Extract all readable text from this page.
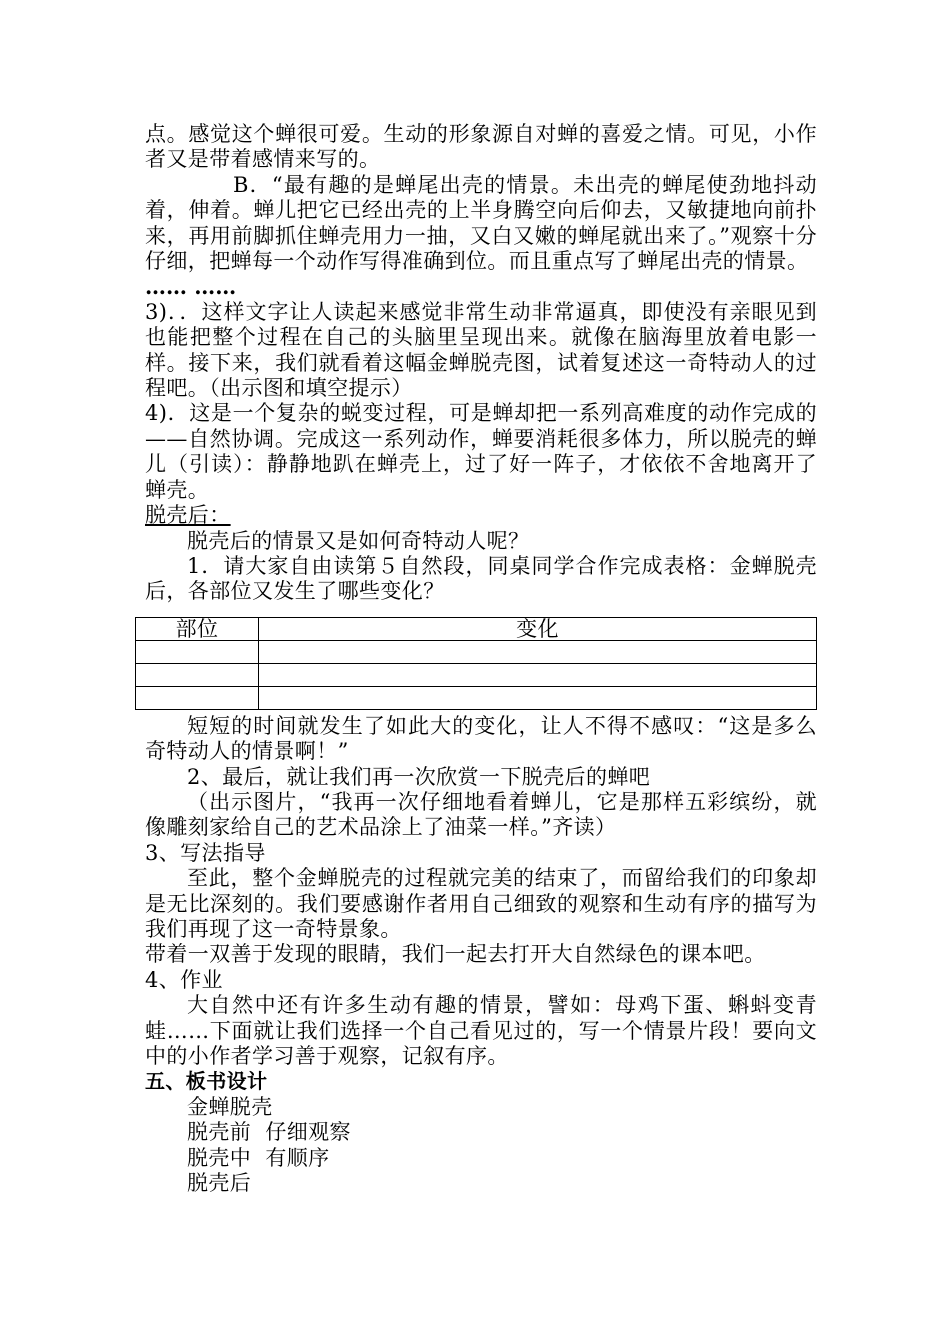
点。感觉这个蝉很可爱。生动的形象源自对蝉的喜爱之情。可见，小作者又是带着感情来写的。

B．“最有趣的是蝉尾出壳的情景。未出壳的蝉尾使劲地抖动着，伸着。蝉儿把它已经出壳的上半身腾空向后仰去，又敏捷地向前扑来，再用前脚抓住蝉壳用力一抽，又白又嫩的蝉尾就出来了。”观察十分仔细，把蝉每一个动作写得准确到位。而且重点写了蝉尾出壳的情景。

…… ……

3)．．这样文字让人读起来感觉非常生动非常逼真，即使没有亲眼见到也能把整个过程在自己的头脑里呈现出来。就像在脑海里放着电影一样。接下来，我们就看着这幅金蝉脱壳图，试着复述这一奇特动人的过程吧。（出示图和填空提示）

4)．这是一个复杂的蜕变过程，可是蝉却把一系列高难度的动作完成的——自然协调。完成这一系列动作，蝉要消耗很多体力，所以脱壳的蝉儿（引读）：静静地趴在蝉壳上，过了好一阵子，才依依不舍地离开了蝉壳。

脱壳后：

脱壳后的情景又是如何奇特动人呢？

1．请大家自由读第５自然段，同桌同学合作完成表格：金蝉脱壳后，各部位又发生了哪些变化？

部位	变化

短短的时间就发生了如此大的变化，让人不得不感叹：“这是多么奇特动人的情景啊！”

2、最后，就让我们再一次欣赏一下脱壳后的蝉吧

（出示图片，“我再一次仔细地看着蝉儿，它是那样五彩缤纷，就像雕刻家给自己的艺术品涂上了油菜一样。”齐读）

3、写法指导

至此，整个金蝉脱壳的过程就完美的结束了，而留给我们的印象却是无比深刻的。我们要感谢作者用自己细致的观察和生动有序的描写为我们再现了这一奇特景象。

带着一双善于发现的眼睛，我们一起去打开大自然绿色的课本吧。

4、作业

大自然中还有许多生动有趣的情景，譬如：母鸡下蛋、蝌蚪变青蛙……下面就让我们选择一个自己看见过的，写一个情景片段！要向文中的小作者学习善于观察，记叙有序。

五、板书设计

金蝉脱壳

脱壳前  仔细观察

脱壳中  有顺序

脱壳后
